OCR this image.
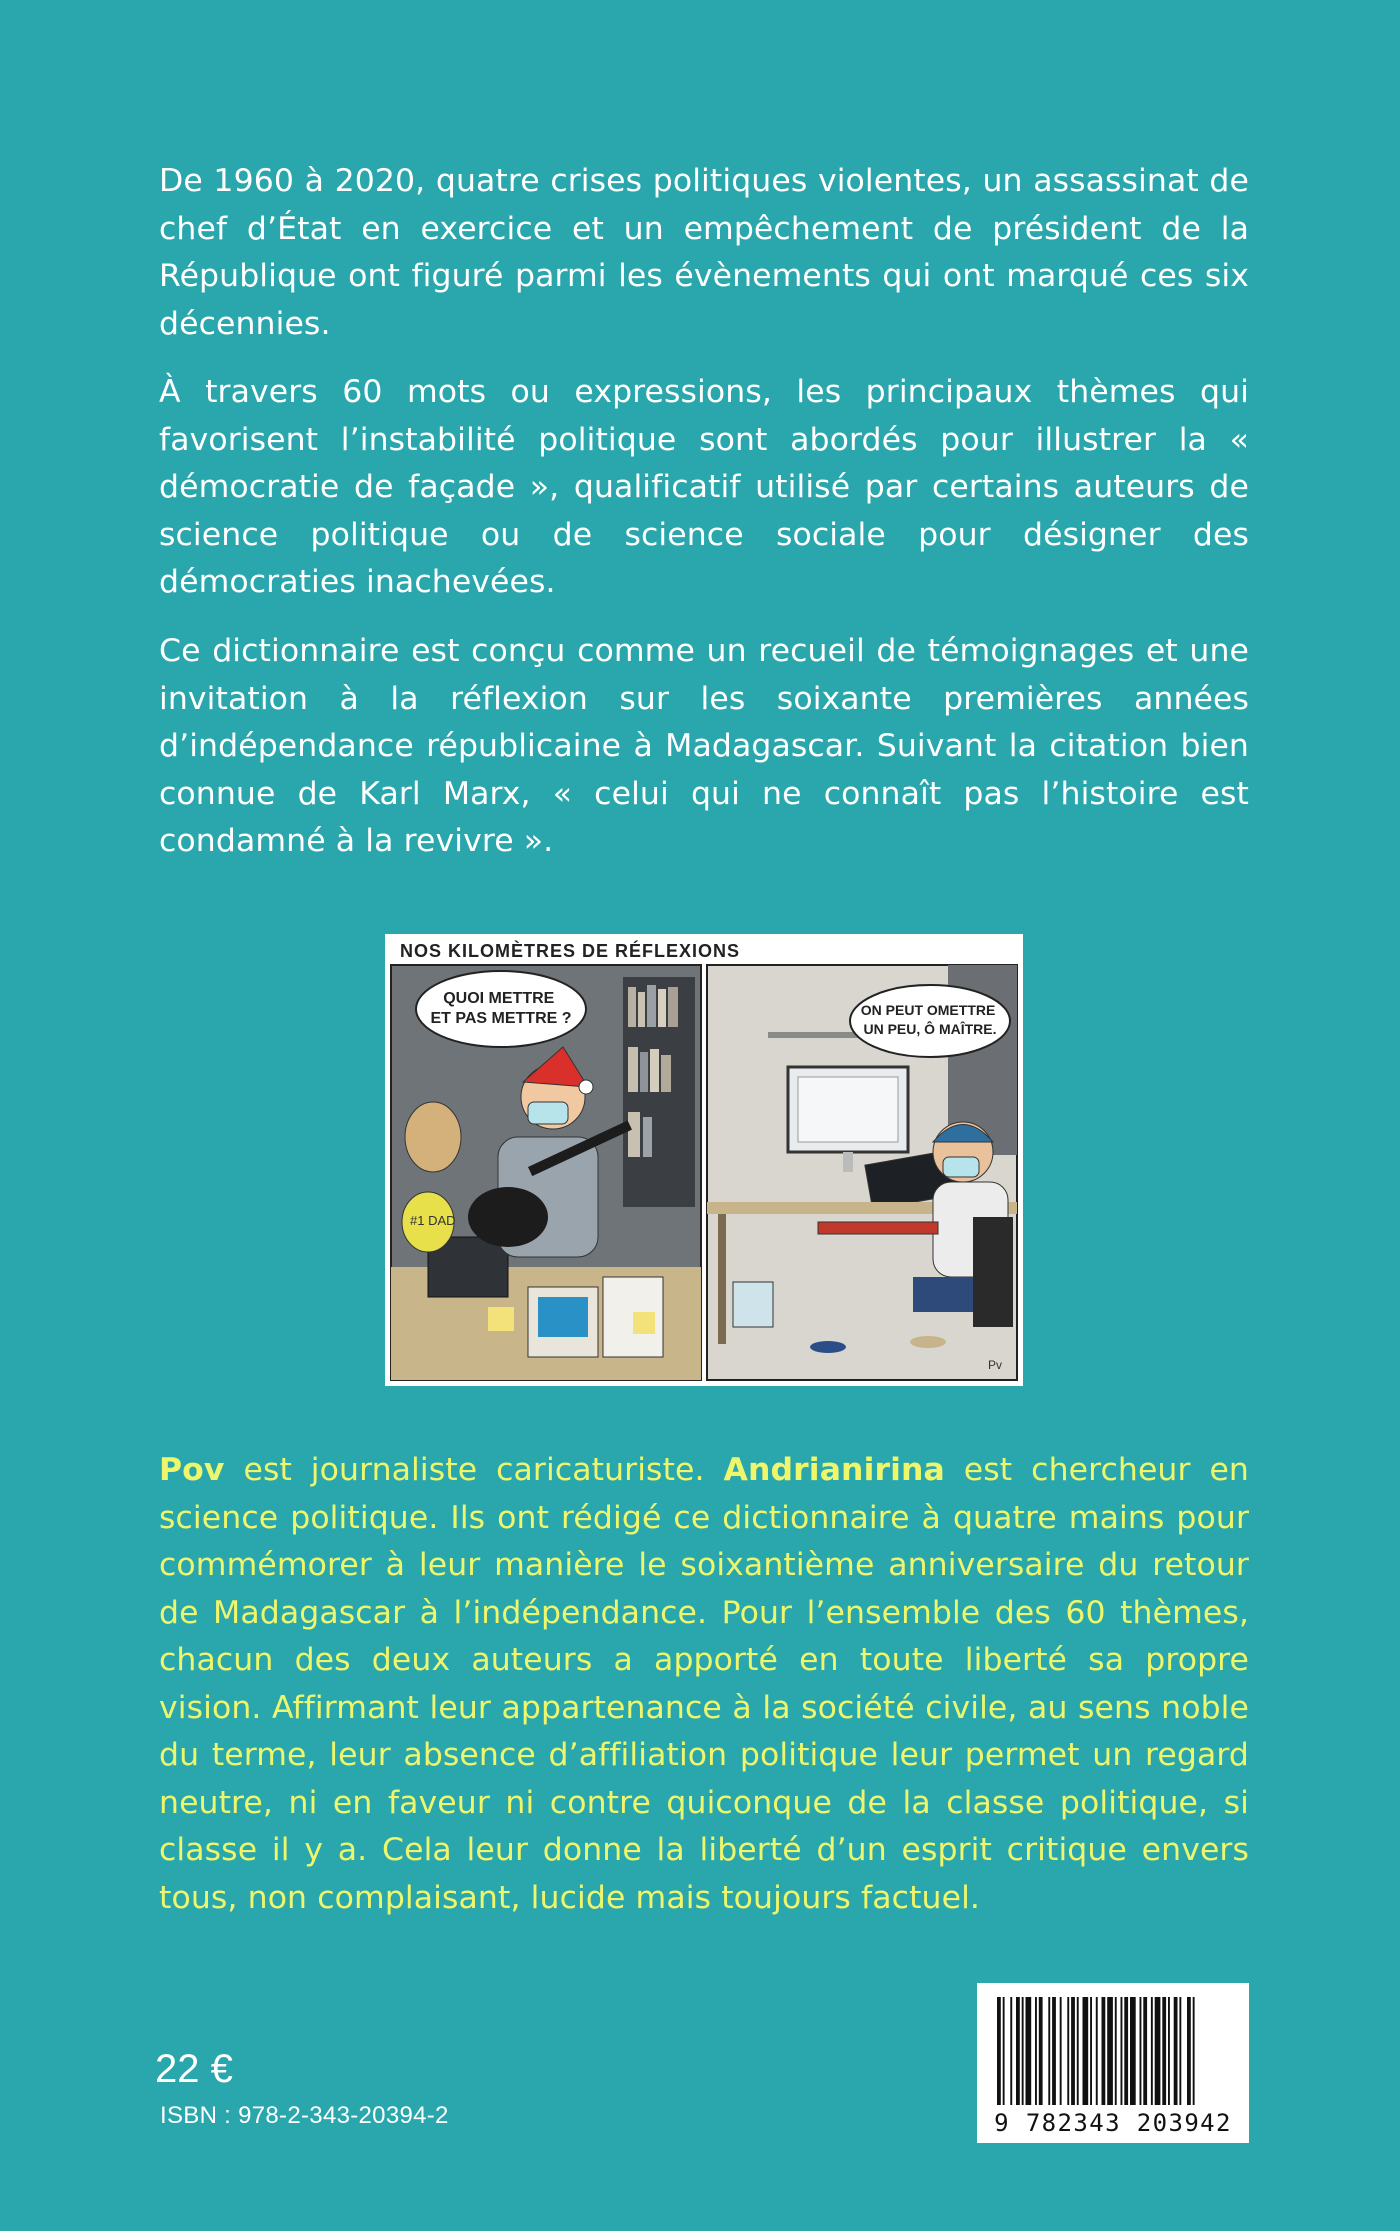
De 1960 à 2020, quatre crises politiques violentes, un assassinat de chef d’État en exercice et un empêchement de président de la République ont figuré parmi les évènements qui ont marqué ces six décennies.

À travers 60 mots ou expressions, les principaux thèmes qui favorisent l’instabilité politique sont abordés pour illustrer la « démocratie de façade », qualificatif utilisé par certains auteurs de science politique ou de science sociale pour désigner des démocraties inachevées.

Ce dictionnaire est conçu comme un recueil de témoignages et une invitation à la réflexion sur les soixante premières années d’indépendance républicaine à Madagascar. Suivant la citation bien connue de Karl Marx, « celui qui ne connaît pas l’histoire est condamné à la revivre ».

NOS KILOMÈTRES DE RÉFLEXIONS
#1 DAD
Pv
QUOI METTRE ET PAS METTRE ?	ON PEUT OMETTRE UN PEU, Ô MAÎTRE.

Pov est journaliste caricaturiste. Andrianirina est chercheur en science politique. Ils ont rédigé ce dictionnaire à quatre mains pour commémorer à leur manière le soixantième anniversaire du retour de Madagascar à l’indépendance. Pour l’ensemble des 60 thèmes, chacun des deux auteurs a apporté en toute liberté sa propre vision. Affirmant leur appartenance à la société civile, au sens noble du terme, leur absence d’affiliation politique leur permet un regard neutre, ni en faveur ni contre quiconque de la classe politique, si classe il y a. Cela leur donne la liberté d’un esprit critique envers tous, non complaisant, lucide mais toujours factuel.

22 €

ISBN : 978-2-343-20394-2	9 782343 203942
